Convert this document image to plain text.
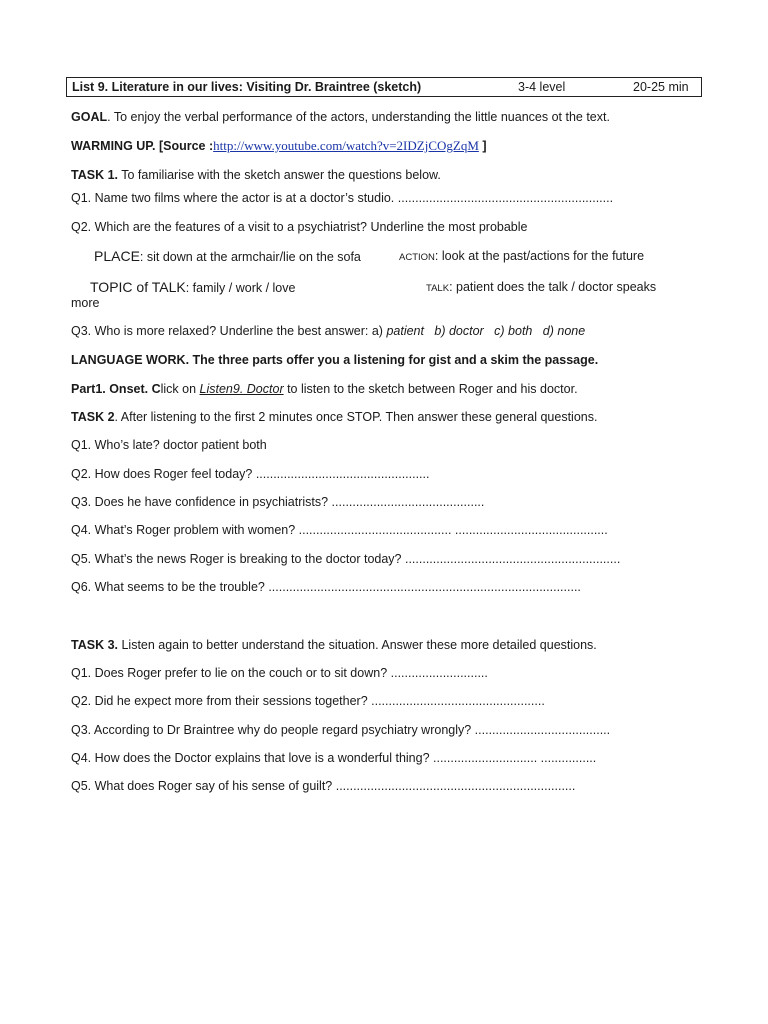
List 9. Literature in our lives: Visiting Dr. Braintree (sketch)	3-4 level	20-25 min
GOAL. To enjoy the verbal performance of the actors, understanding the little nuances ot the text.
WARMING UP. [Source :http://www.youtube.com/watch?v=2IDZjCOgZqM ]
TASK 1. To familiarise with the sketch answer the questions below.
Q1. Name two films where the actor is at a doctor’s studio. ..............................................................
Q2. Which are the features of a visit to a psychiatrist? Underline the most probable
PLACE: sit down at the armchair/lie on the sofa	ACTION: look at the past/actions for the future
TOPIC of TALK: family / work / love	TALK: patient does the talk / doctor speaks
more
Q3. Who is more relaxed? Underline the best answer: a) patient b) doctor c) both d) none
LANGUAGE WORK. The three parts offer you a listening for gist and a skim the passage.
Part1. Onset. Click on Listen9. Doctor to listen to the sketch between Roger and his doctor.
TASK 2. After listening to the first 2 minutes once STOP. Then answer these general questions.
Q1. Who’s late? doctor patient both
Q2. How does Roger feel today? ..................................................
Q3. Does he have confidence in psychiatrists? ............................................
Q4. What’s Roger problem with women? ............................................ ............................................
Q5. What’s the news Roger is breaking to the doctor today? ..............................................................
Q6. What seems to be the trouble? ..........................................................................................
TASK 3. Listen again to better understand the situation. Answer these more detailed questions.
Q1. Does Roger prefer to lie on the couch or to sit down? ............................
Q2. Did he expect more from their sessions together? ..................................................
Q3. According to Dr Braintree why do people regard psychiatry wrongly? .......................................
Q4. How does the Doctor explains that love is a wonderful thing? .............................. ................
Q5. What does Roger say of his sense of guilt? .....................................................................
